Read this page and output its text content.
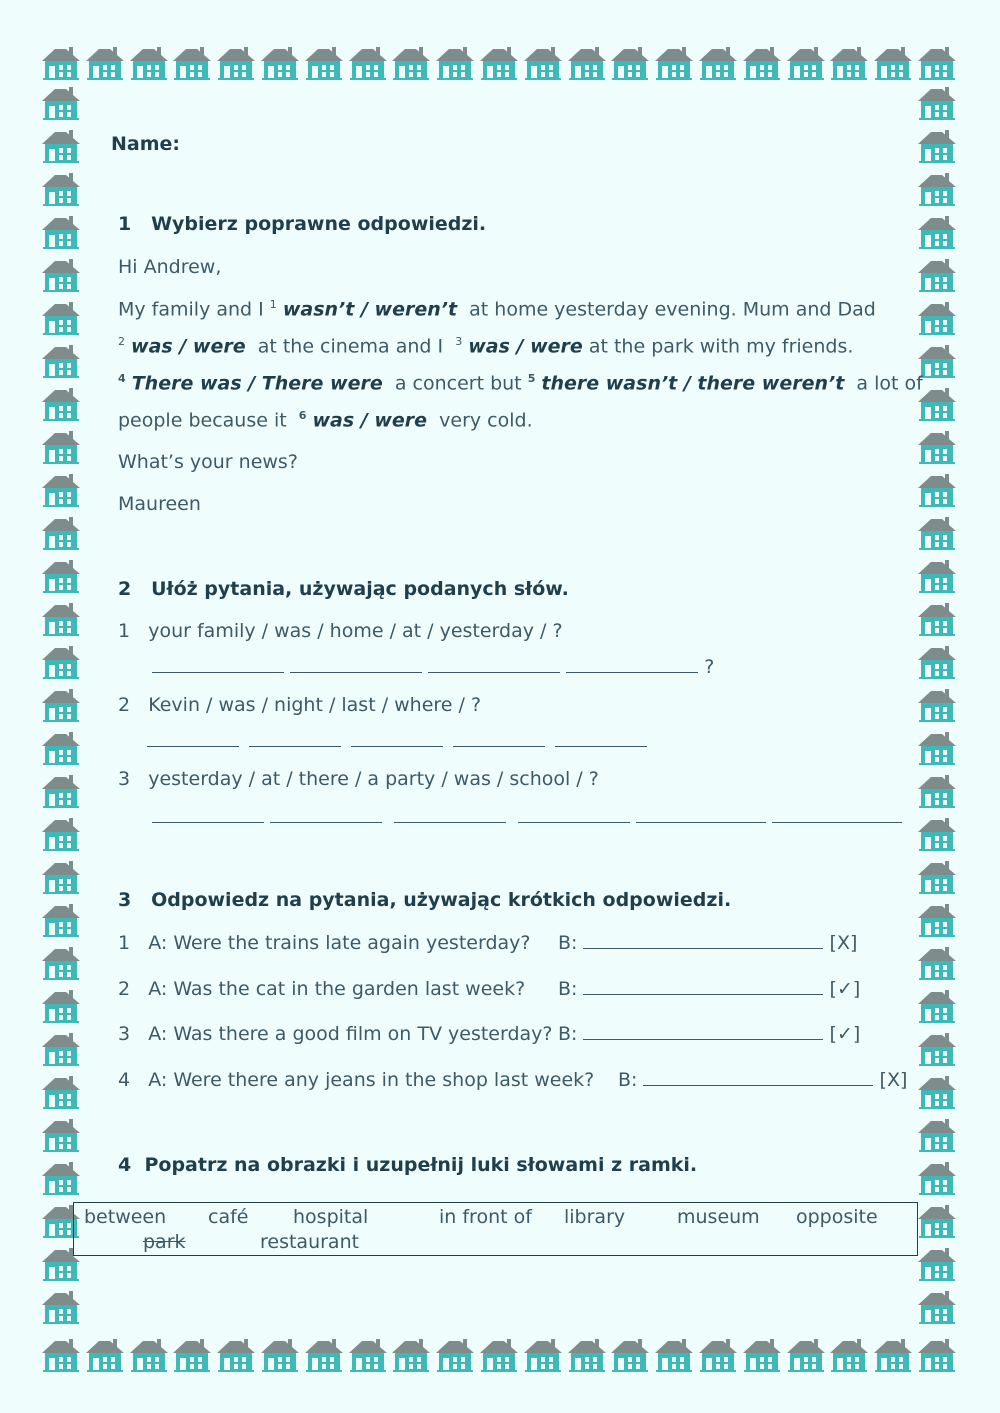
Name:
1 Wybierz poprawne odpowiedzi.
Hi Andrew,
My family and I $^1$ wasn’t / weren’t at home yesterday evening. Mum and Dad
$^2$ was / were at the cinema and I $^3$ was / were at the park with my friends.
$^4$ There was / There were a concert but $^5$ there wasn’t / there weren’t a lot of
people because it $^6$ was / were very cold.
What’s your news?
Maureen
2 Ułóż pytania, używając podanych słów.
1 your family / was / home / at / yesterday / ?
?
2 Kevin / was / night / last / where / ?

3 yesterday / at / there / a party / was / school / ?

3 Odpowiedz na pytania, używając krótkich odpowiedzi.
1 A: Were the trains late again yesterday? B:	[X]
2 A: Was the cat in the garden last week? B:	[✓]
3 A: Was there a good film on TV yesterday? B:	[✓]
4 A: Were there any jeans in the shop last week? B:	[X]
4 Popatrz na obrazki i uzupełnij luki słowami z ramki.
between café hospital	in front of library	museum opposite
park	restaurant
